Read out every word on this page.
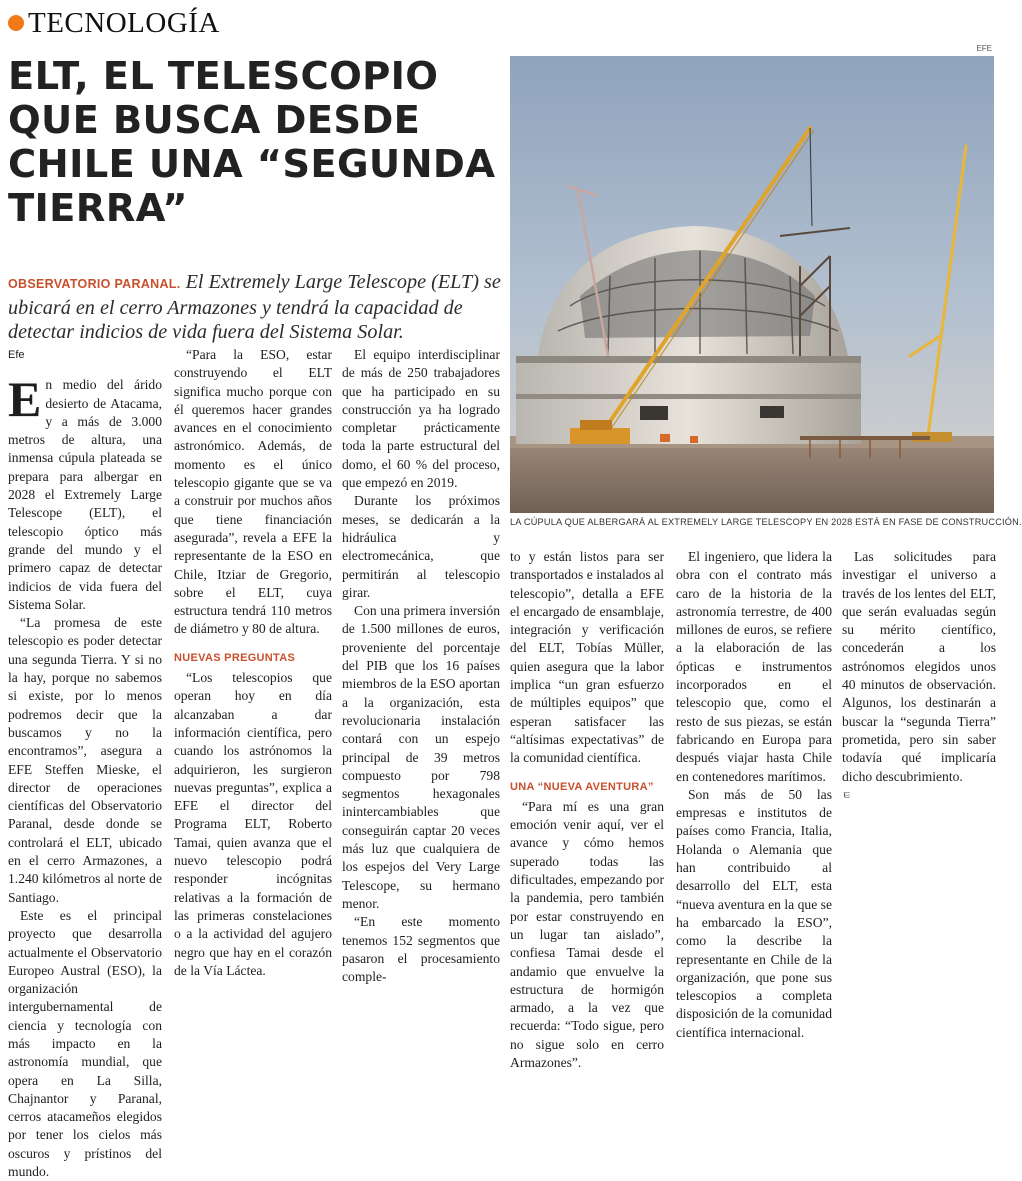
TECNOLOGÍA
ELT, EL TELESCOPIO
QUE BUSCA DESDE
CHILE UNA “SEGUNDA
TIERRA”

OBSERVATORIO PARANAL. El Extremely Large Telescope (ELT) se ubicará en el cerro Armazones y tendrá la capacidad de detectar indicios de vida fuera del Sistema Solar.

EFE
LA CÚPULA QUE ALBERGARÁ AL EXTREMELY LARGE TELESCOPY EN 2028 ESTÁ EN FASE DE CONSTRUCCIÓN.

Efe

En medio del árido desierto de Atacama, y a más de 3.000 metros de altura, una inmensa cúpula plateada se prepara para albergar en 2028 el Extremely Large Telescope (ELT), el telescopio óptico más grande del mundo y el primero capaz de detectar indicios de vida fuera del Sistema Solar.

“La promesa de este telescopio es poder detectar una segunda Tierra. Y si no la hay, porque no sabemos si existe, por lo menos podremos decir que la buscamos y no la encontramos”, asegura a EFE Steffen Mieske, el director de operaciones científicas del Observatorio Paranal, desde donde se controlará el ELT, ubicado en el cerro Armazones, a 1.240 kilómetros al norte de Santiago.

Este es el principal proyecto que desarrolla actualmente el Observatorio Europeo Austral (ESO), la organización intergubernamental de ciencia y tecnología con más impacto en la astronomía mundial, que opera en La Silla, Chajnantor y Paranal, cerros atacameños elegidos por tener los cielos más oscuros y prístinos del mundo.

“Para la ESO, estar construyendo el ELT significa mucho porque con él queremos hacer grandes avances en el conocimiento astronómico. Además, de momento es el único telescopio gigante que se va a construir por muchos años que tiene financiación asegurada”, revela a EFE la representante de la ESO en Chile, Itziar de Gregorio, sobre el ELT, cuya estructura tendrá 110 metros de diámetro y 80 de altura.

NUEVAS PREGUNTAS

“Los telescopios que operan hoy en día alcanzaban a dar información científica, pero cuando los astrónomos la adquirieron, les surgieron nuevas preguntas”, explica a EFE el director del Programa ELT, Roberto Tamai, quien avanza que el nuevo telescopio podrá responder incógnitas relativas a la formación de las primeras constelaciones o a la actividad del agujero negro que hay en el corazón de la Vía Láctea.

El equipo interdisciplinar de más de 250 trabajadores que ha participado en su construcción ya ha logrado completar prácticamente toda la parte estructural del domo, el 60 % del proceso, que empezó en 2019.

Durante los próximos meses, se dedicarán a la hidráulica y electromecánica, que permitirán al telescopio girar.

Con una primera inversión de 1.500 millones de euros, proveniente del porcentaje del PIB que los 16 países miembros de la ESO aportan a la organización, esta revolucionaria instalación contará con un espejo principal de 39 metros compuesto por 798 segmentos hexagonales inintercambiables que conseguirán captar 20 veces más luz que cualquiera de los espejos del Very Large Telescope, su hermano menor.

“En este momento tenemos 152 segmentos que pasaron el procesamiento comple-

to y están listos para ser transportados e instalados al telescopio”, detalla a EFE el encargado de ensamblaje, integración y verificación del ELT, Tobías Müller, quien asegura que la labor implica “un gran esfuerzo de múltiples equipos” que esperan satisfacer las “altísimas expectativas” de la comunidad científica.

UNA “NUEVA AVENTURA”

“Para mí es una gran emoción venir aquí, ver el avance y cómo hemos superado todas las dificultades, empezando por la pandemia, pero también por estar construyendo en un lugar tan aislado”, confiesa Tamai desde el andamio que envuelve la estructura de hormigón armado, a la vez que recuerda: “Todo sigue, pero no sigue solo en cerro Armazones”.

El ingeniero, que lidera la obra con el contrato más caro de la historia de la astronomía terrestre, de 400 millones de euros, se refiere a la elaboración de las ópticas e instrumentos incorporados en el telescopio que, como el resto de sus piezas, se están fabricando en Europa para después viajar hasta Chile en contenedores marítimos.

Son más de 50 las empresas e institutos de países como Francia, Italia, Holanda o Alemania que han contribuido al desarrollo del ELT, esta “nueva aventura en la que se ha embarcado la ESO”, como la describe la representante en Chile de la organización, que pone sus telescopios a completa disposición de la comunidad científica internacional.

Las solicitudes para investigar el universo a través de los lentes del ELT, que serán evaluadas según su mérito científico, concederán a los astrónomos elegidos unos 40 minutos de observación. Algunos, los destinarán a buscar la “segunda Tierra” prometida, pero sin saber todavía qué implicaría dicho descubrimiento.

ㅌ
